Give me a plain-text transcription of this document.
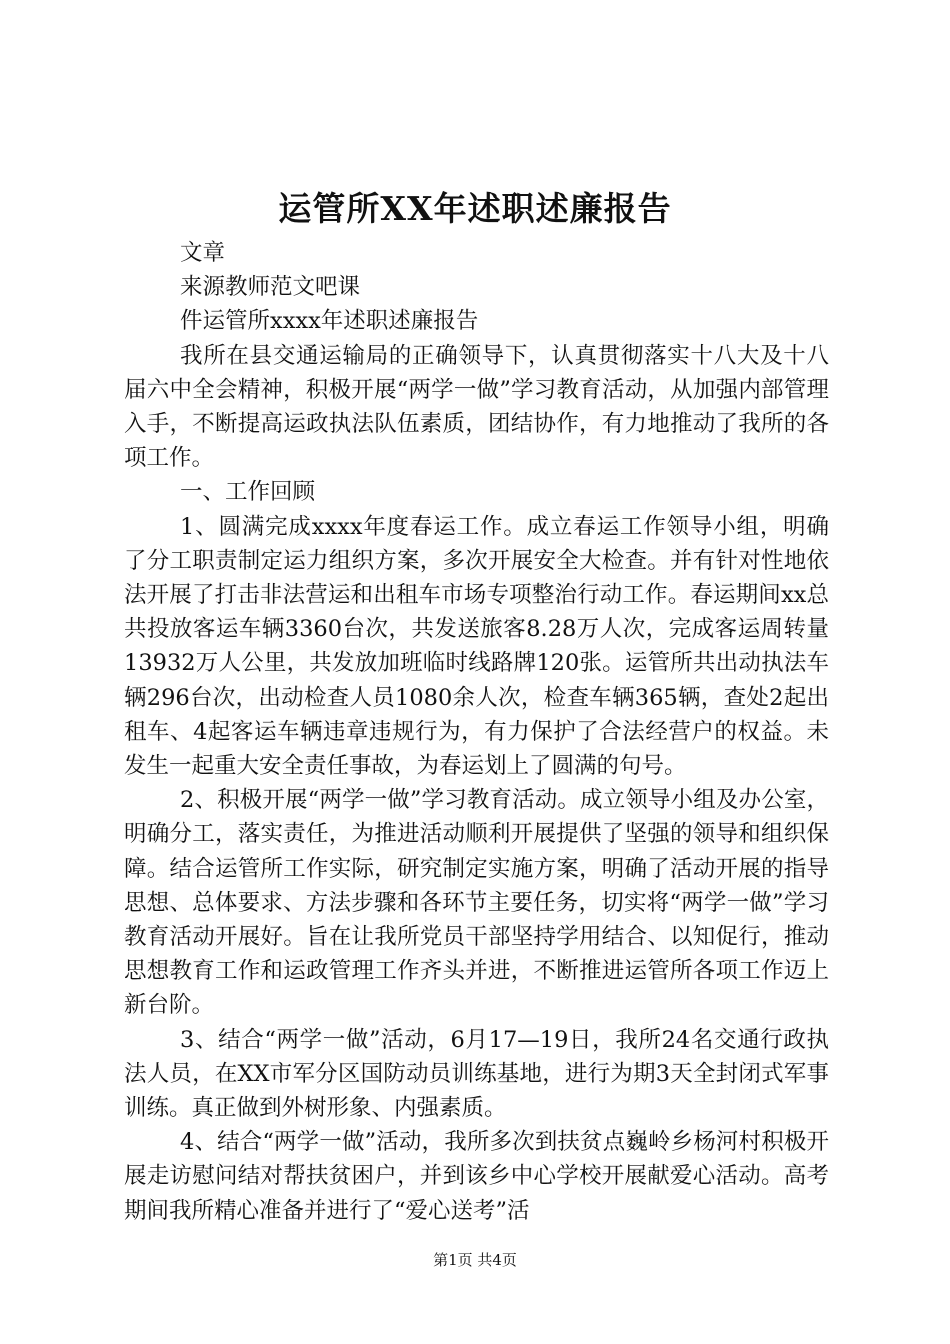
运管所XX年述职述廉报告

文章

来源教师范文吧课

件运管所xxxx年述职述廉报告

我所在县交通运输局的正确领导下，认真贯彻落实十八大及十八届六中全会精神，积极开展“两学一做”学习教育活动，从加强内部管理入手，不断提高运政执法队伍素质，团结协作，有力地推动了我所的各项工作。

一、工作回顾

1、圆满完成xxxx年度春运工作。成立春运工作领导小组，明确了分工职责制定运力组织方案，多次开展安全大检查。并有针对性地依法开展了打击非法营运和出租车市场专项整治行动工作。春运期间xx总共投放客运车辆3360台次，共发送旅客8.28万人次，完成客运周转量13932万人公里，共发放加班临时线路牌120张。运管所共出动执法车辆296台次，出动检查人员1080余人次，检查车辆365辆，查处2起出租车、4起客运车辆违章违规行为，有力保护了合法经营户的权益。未发生一起重大安全责任事故，为春运划上了圆满的句号。

2、积极开展“两学一做”学习教育活动。成立领导小组及办公室，明确分工，落实责任，为推进活动顺利开展提供了坚强的领导和组织保障。结合运管所工作实际，研究制定实施方案，明确了活动开展的指导思想、总体要求、方法步骤和各环节主要任务，切实将“两学一做”学习教育活动开展好。旨在让我所党员干部坚持学用结合、以知促行，推动思想教育工作和运政管理工作齐头并进，不断推进运管所各项工作迈上新台阶。

3、结合“两学一做”活动，6月17—19日，我所24名交通行政执法人员，在XX市军分区国防动员训练基地，进行为期3天全封闭式军事训练。真正做到外树形象、内强素质。

4、结合“两学一做”活动，我所多次到扶贫点巍岭乡杨河村积极开展走访慰问结对帮扶贫困户，并到该乡中心学校开展献爱心活动。高考期间我所精心准备并进行了“爱心送考”活

第1页 共4页
